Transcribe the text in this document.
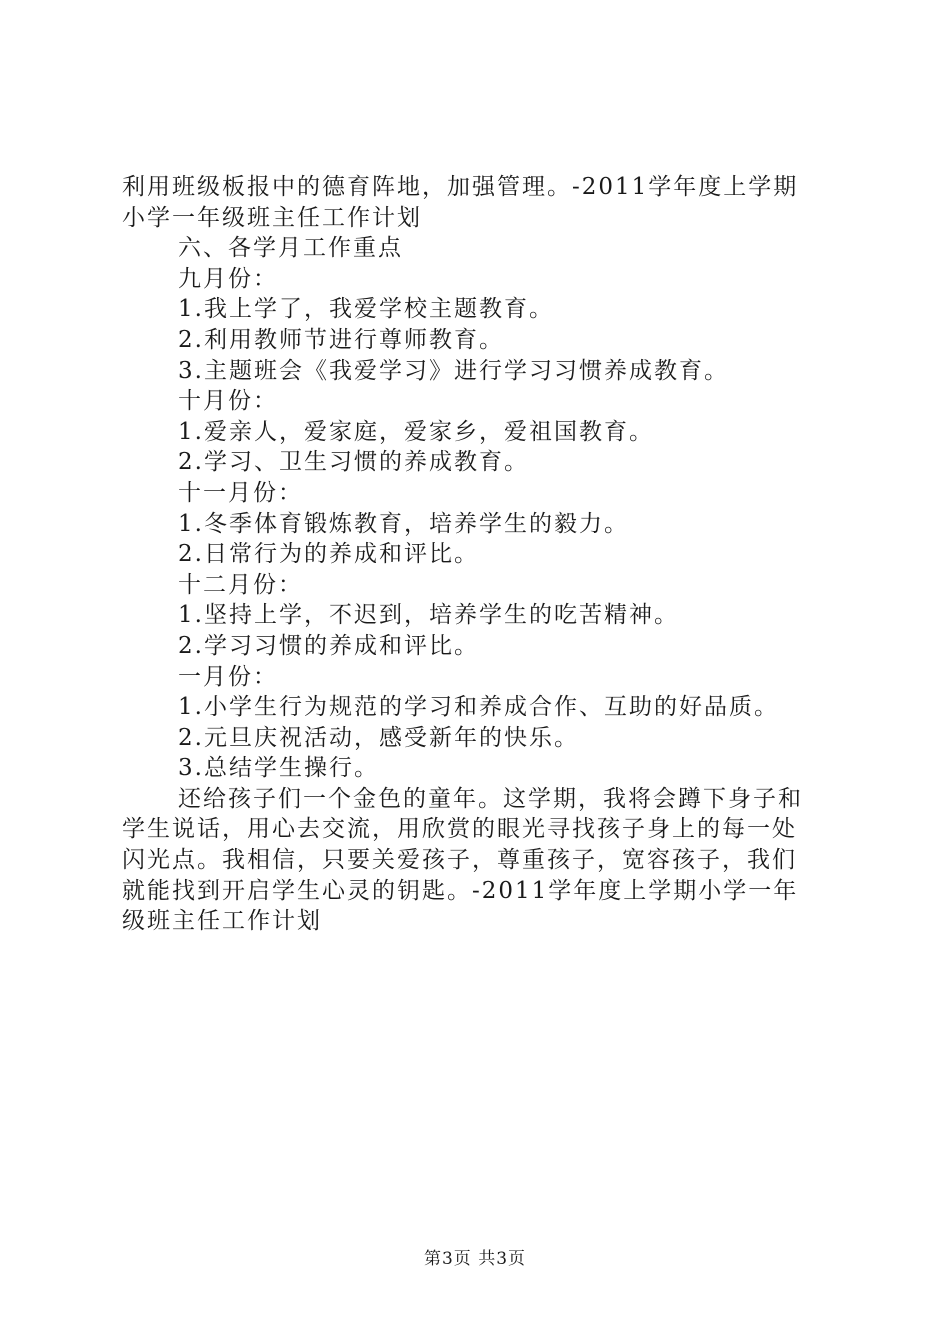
利用班级板报中的德育阵地，加强管理。-2011学年度上学期
小学一年级班主任工作计划
六、各学月工作重点
九月份：
1.我上学了，我爱学校主题教育。
2.利用教师节进行尊师教育。
3.主题班会《我爱学习》进行学习习惯养成教育。
十月份：
1.爱亲人，爱家庭，爱家乡，爱祖国教育。
2.学习、卫生习惯的养成教育。
十一月份：
1.冬季体育锻炼教育，培养学生的毅力。
2.日常行为的养成和评比。
十二月份：
1.坚持上学，不迟到，培养学生的吃苦精神。
2.学习习惯的养成和评比。
一月份：
1.小学生行为规范的学习和养成合作、互助的好品质。
2.元旦庆祝活动，感受新年的快乐。
3.总结学生操行。
还给孩子们一个金色的童年。这学期，我将会蹲下身子和
学生说话，用心去交流，用欣赏的眼光寻找孩子身上的每一处
闪光点。我相信，只要关爱孩子，尊重孩子，宽容孩子，我们
就能找到开启学生心灵的钥匙。-2011学年度上学期小学一年
级班主任工作计划
第3页 共3页
